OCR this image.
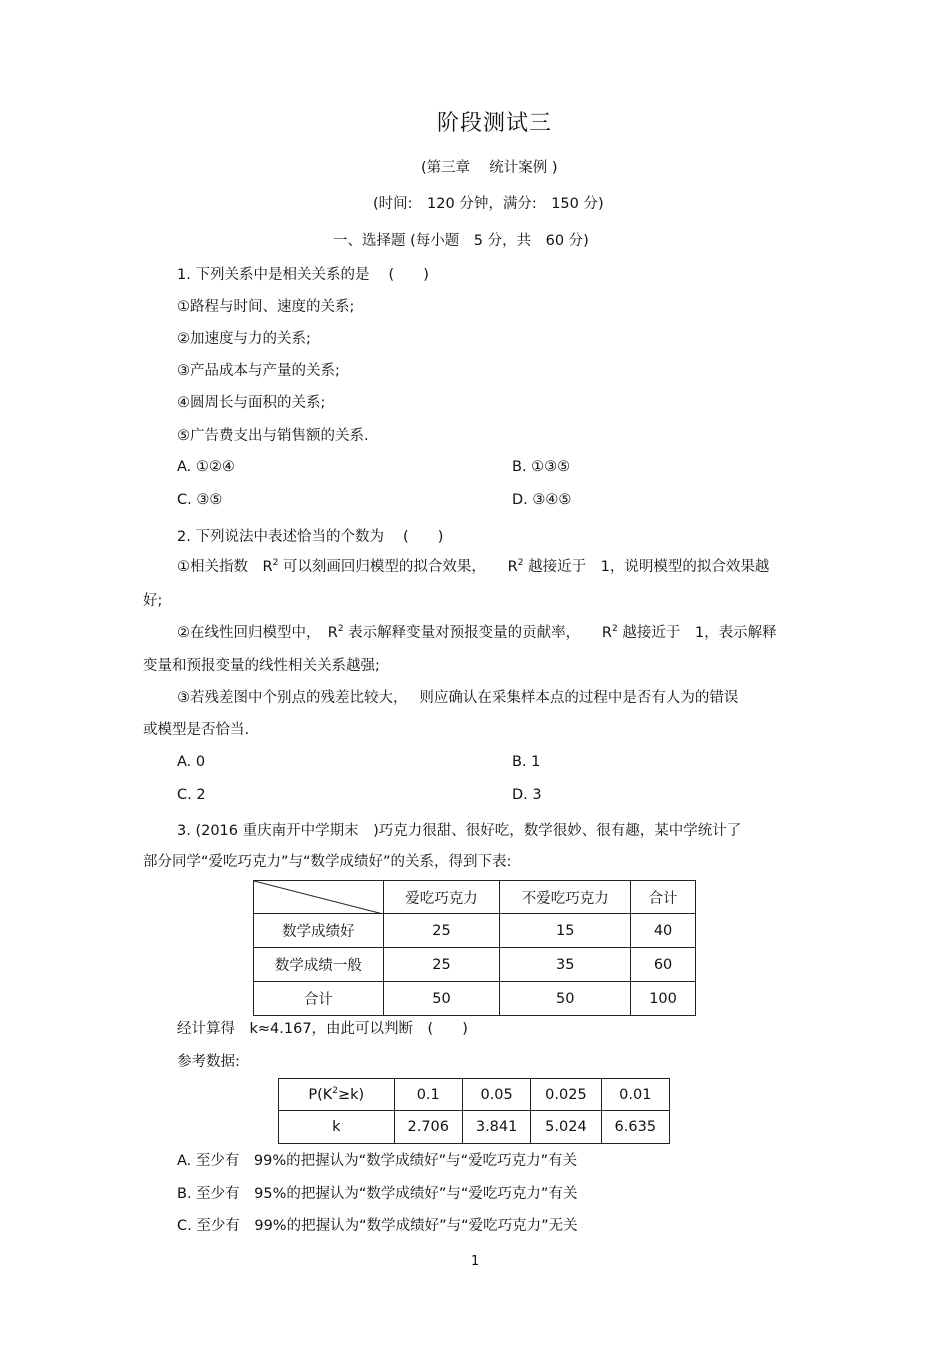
阶段测试三
(第三章　 统计案例 )
(时间:　120 分钟，满分:　150 分)
一、选择题 (每小题　5 分，共　60 分)
1. 下列关系中是相关关系的是　 (　　)
①路程与时间、速度的关系;
②加速度与力的关系;
③产品成本与产量的关系;
④圆周长与面积的关系;
⑤广告费支出与销售额的关系.
A. ①②④	B. ①③⑤
C. ③⑤	D. ③④⑤
2. 下列说法中表述恰当的个数为　 (　　)
①相关指数　$R^2$ 可以刻画回归模型的拟合效果，　　$R^2$ 越接近于　1，说明模型的拟合效果越
好;
②在线性回归模型中，　$R^2$ 表示解释变量对预报变量的贡献率，　　$R^2$ 越接近于　1，表示解释
变量和预报变量的线性相关关系越强;
③若残差图中个别点的残差比较大，　 则应确认在采集样本点的过程中是否有人为的错误
或模型是否恰当.
A. 0	B. 1
C. 2	D. 3
3. (2016 重庆南开中学期末　)巧克力很甜、很好吃，数学很妙、很有趣，某中学统计了
部分同学“爱吃巧克力”与“数学成绩好”的关系，得到下表:
	爱吃巧克力	不爱吃巧克力	合计
数学成绩好	25	15	40
数学成绩一般	25	35	60
合计	50	50	100
经计算得　k≈4.167，由此可以判断　(　　)
参考数据:
$P(K^2\ge k)$	0.1	0.05	0.025	0.01
k	2.706	3.841	5.024	6.635
A. 至少有　99%的把握认为“数学成绩好”与“爱吃巧克力”有关
B. 至少有　95%的把握认为“数学成绩好”与“爱吃巧克力”有关
C. 至少有　99%的把握认为“数学成绩好”与“爱吃巧克力”无关
1
